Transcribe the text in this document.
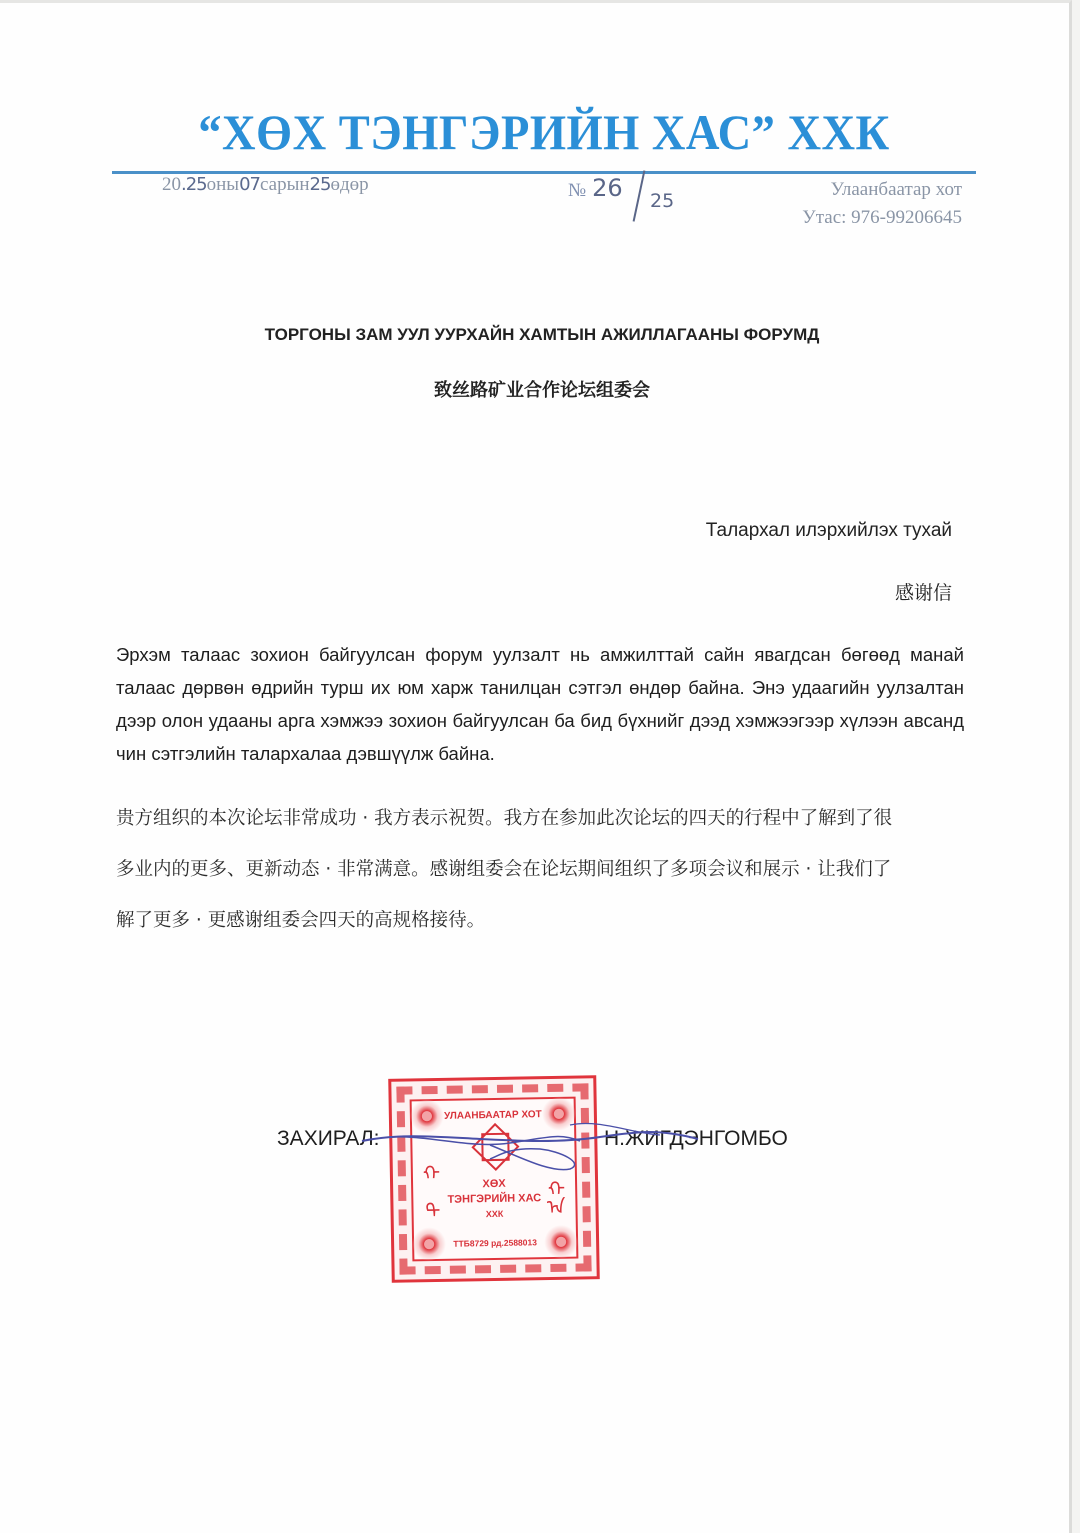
“ХӨХ ТЭНГЭРИЙН ХАС” ХХК
20.25оны07сарын25өдөр	№ 26 25
Улаанбаатар хот
Утас: 976-99206645
ТОРГОНЫ ЗАМ УУЛ УУРХАЙН ХАМТЫН АЖИЛЛАГААНЫ ФОРУМД
致丝路矿业合作论坛组委会
Талархал илэрхийлэх тухай
感谢信
Эрхэм талаас зохион байгуулсан форум уулзалт нь амжилттай сайн явагдсан бөгөөд манай талаас дөрвөн өдрийн турш их юм харж танилцан сэтгэл өндөр байна. Энэ удаагийн уулзалтан дээр олон удааны арга хэмжээ зохион байгуулсан ба бид бүхнийг дээд хэмжээгээр хүлээн авсанд чин сэтгэлийн талархалаа дэвшүүлж байна.
贵方组织的本次论坛非常成功 · 我方表示祝贺。我方在参加此次论坛的四天的行程中了解到了很
多业内的更多、更新动态 · 非常满意。感谢组委会在论坛期间组织了多项会议和展示 · 让我们了
解了更多 · 更感谢组委会四天的高规格接待。
УЛААНБААТАР ХОТ
ᠬ
ᠲ
ᠬ
ᠠ
ХӨХ
ТЭНГЭРИЙН ХАС
ХХК
ТТБ8729 рд.2588013
ЗАХИРАЛ:	Н.ЖИГДЭНГОМБО
